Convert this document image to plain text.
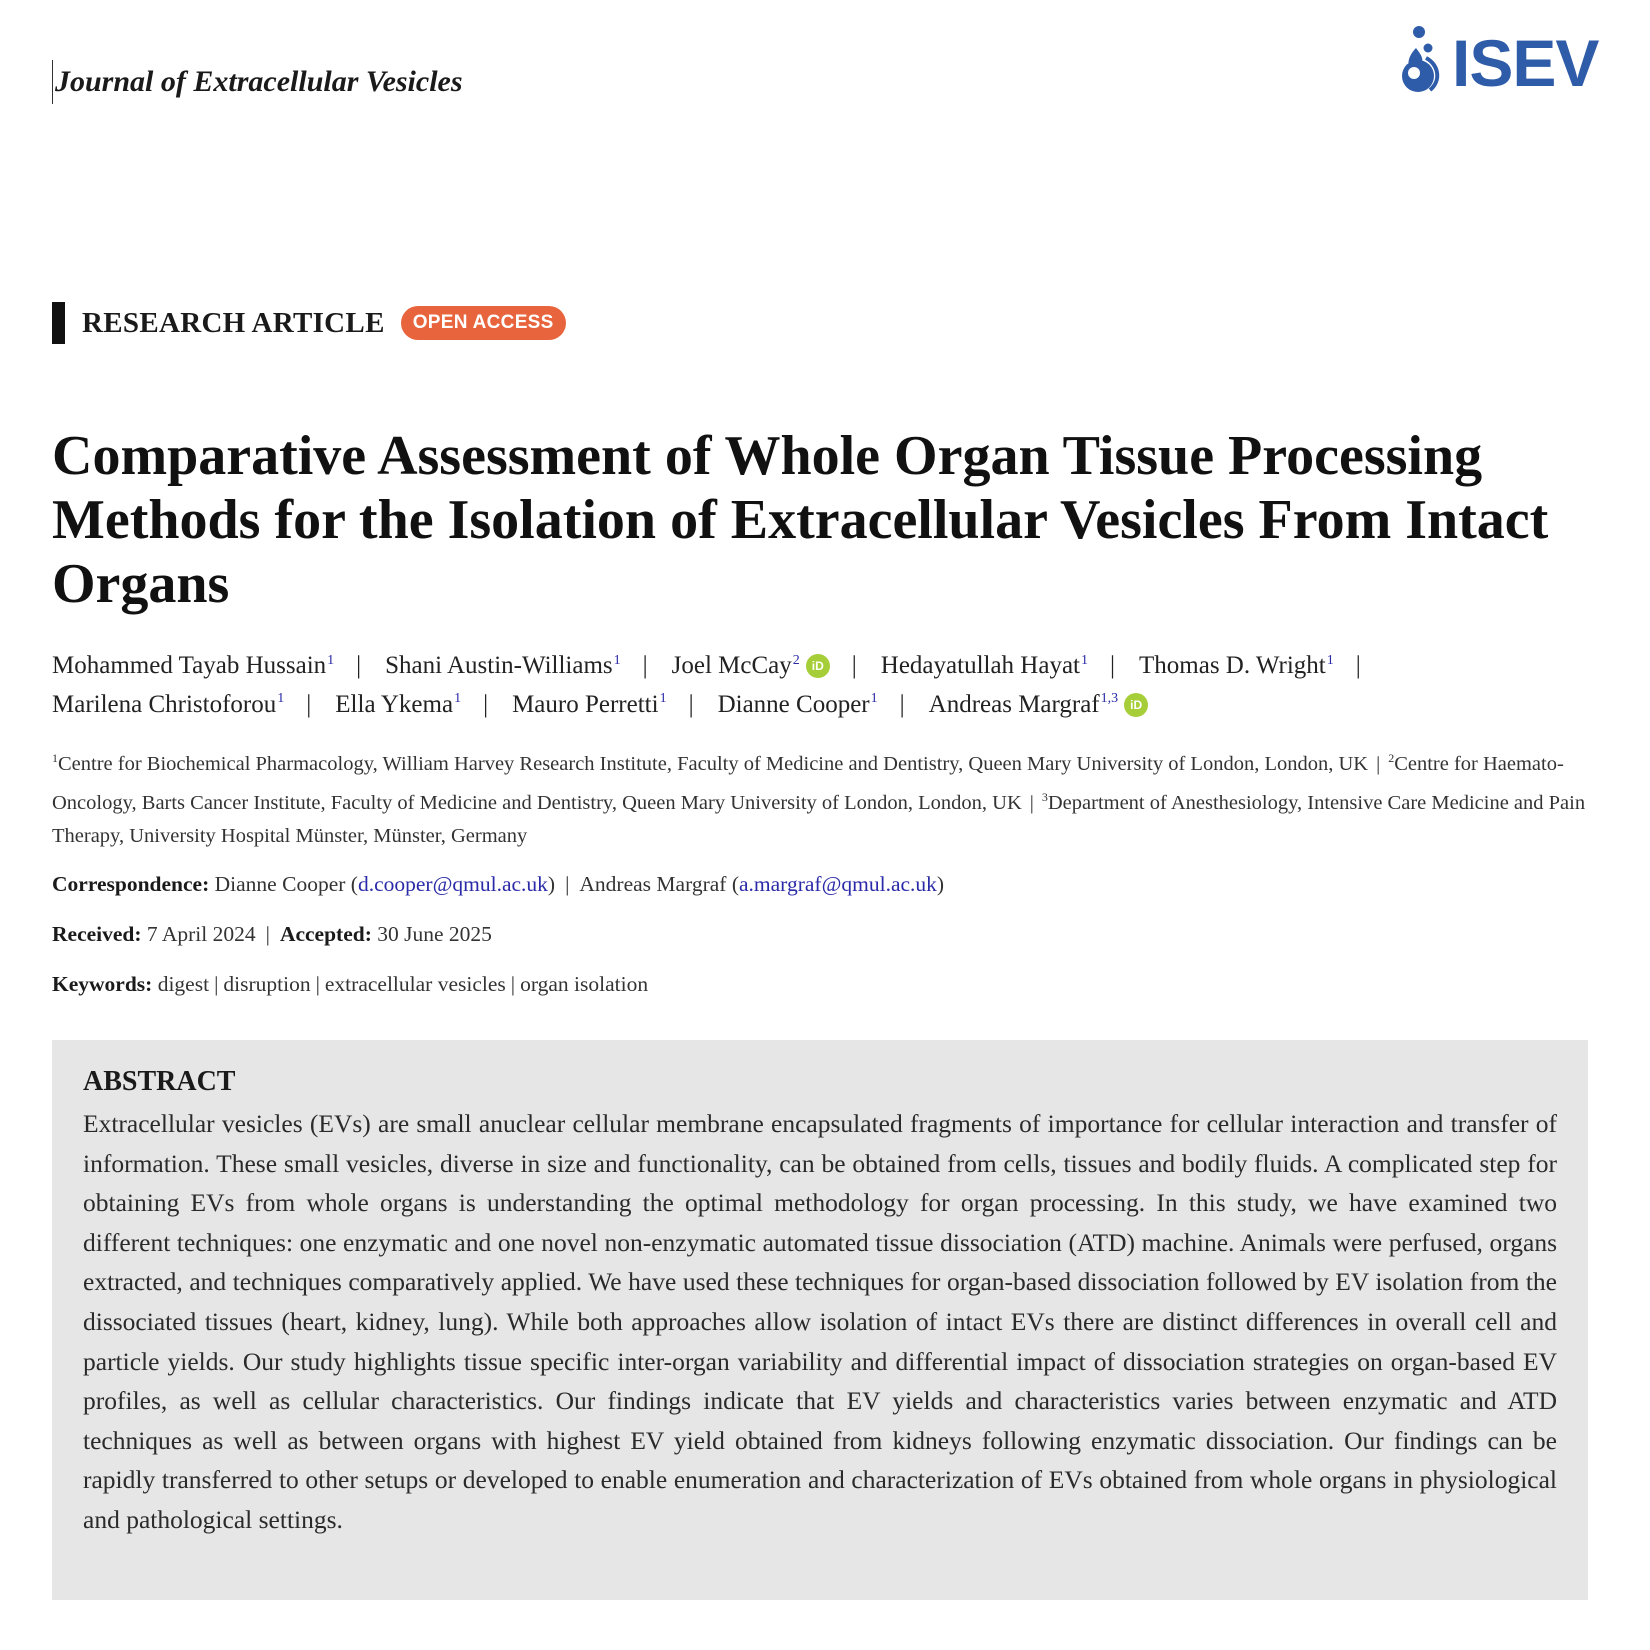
Journal of Extracellular Vesicles	ISEV
RESEARCH ARTICLE	OPEN ACCESS
Comparative Assessment of Whole Organ Tissue Processing Methods for the Isolation of Extracellular Vesicles From Intact Organs
Mohammed Tayab Hussain$^1$ | Shani Austin-Williams$^1$ | Joel McCay$^2$ iD | Hedayatullah Hayat$^1$ | Thomas D. Wright$^1$ |
Marilena Christoforou$^1$ | Ella Ykema$^1$ | Mauro Perretti$^1$ | Dianne Cooper$^1$ | Andreas Margraf$^{1,3}$ iD
$^1$Centre for Biochemical Pharmacology, William Harvey Research Institute, Faculty of Medicine and Dentistry, Queen Mary University of London, London, UK | $^2$Centre for Haemato-Oncology, Barts Cancer Institute, Faculty of Medicine and Dentistry, Queen Mary University of London, London, UK | $^3$Department of Anesthesiology, Intensive Care Medicine and Pain Therapy, University Hospital Münster, Münster, Germany
Correspondence: Dianne Cooper (d.cooper@qmul.ac.uk) | Andreas Margraf (a.margraf@qmul.ac.uk)
Received: 7 April 2024 | Accepted: 30 June 2025
Keywords: digest | disruption | extracellular vesicles | organ isolation
ABSTRACT
Extracellular vesicles (EVs) are small anuclear cellular membrane encapsulated fragments of importance for cellular interaction and transfer of information. These small vesicles, diverse in size and functionality, can be obtained from cells, tissues and bodily fluids. A complicated step for obtaining EVs from whole organs is understanding the optimal methodology for organ processing. In this study, we have examined two different techniques: one enzymatic and one novel non-enzymatic automated tissue dissociation (ATD) machine. Animals were perfused, organs extracted, and techniques comparatively applied. We have used these techniques for organ-based dissociation followed by EV isolation from the dissociated tissues (heart, kidney, lung). While both approaches allow isolation of intact EVs there are distinct differences in overall cell and particle yields. Our study highlights tissue specific inter-organ variability and differential impact of dissociation strategies on organ-based EV profiles, as well as cellular characteristics. Our findings indicate that EV yields and characteristics varies between enzymatic and ATD techniques as well as between organs with highest EV yield obtained from kidneys following enzymatic dissociation. Our findings can be rapidly transferred to other setups or developed to enable enumeration and characterization of EVs obtained from whole organs in physiological and pathological settings.
